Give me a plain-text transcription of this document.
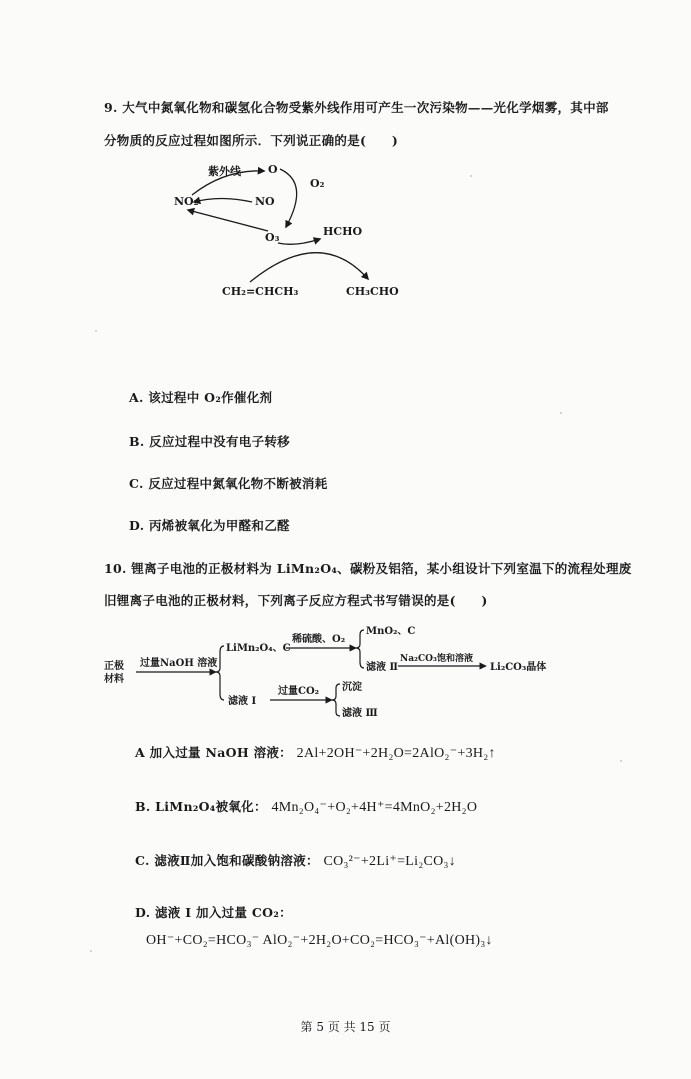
9. 大气中氮氧化物和碳氢化合物受紫外线作用可产生一次污染物——光化学烟雾，其中部
分物质的反应过程如图所示．下列说正确的是(　　)
紫外线
NO₂	NO
O
O₂
O₃	HCHO
CH₂=CHCH₃	CH₃CHO
A. 该过程中 O₂作催化剂
B. 反应过程中没有电子转移
C. 反应过程中氮氧化物不断被消耗
D. 丙烯被氧化为甲醛和乙醛
10. 锂离子电池的正极材料为 LiMn₂O₄、碳粉及铝箔，某小组设计下列室温下的流程处理废
旧锂离子电池的正极材料，下列离子反应方程式书写错误的是(　　)
正极
材料
过量NaOH 溶液
LiMn₂O₄、C
滤液 Ⅰ
稀硫酸、O₂
MnO₂、C
滤液 Ⅱ
Na₂CO₃饱和溶液
Li₂CO₃晶体
过量CO₂ 沉淀
滤液 Ⅲ
A 加入过量 NaOH 溶液： 2Al+2OH⁻+2H₂O=2AlO₂⁻+3H₂↑
B. LiMn₂O₄被氧化： 4Mn₂O₄⁻+O₂+4H⁺=4MnO₂+2H₂O
C. 滤液Ⅱ加入饱和碳酸钠溶液： CO₃²⁻+2Li⁺=Li₂CO₃↓
D. 滤液 Ⅰ 加入过量 CO₂：
OH⁻+CO₂=HCO₃⁻ AlO₂⁻+2H₂O+CO₂=HCO₃⁻+Al(OH)₃↓
第 5 页 共 15 页
